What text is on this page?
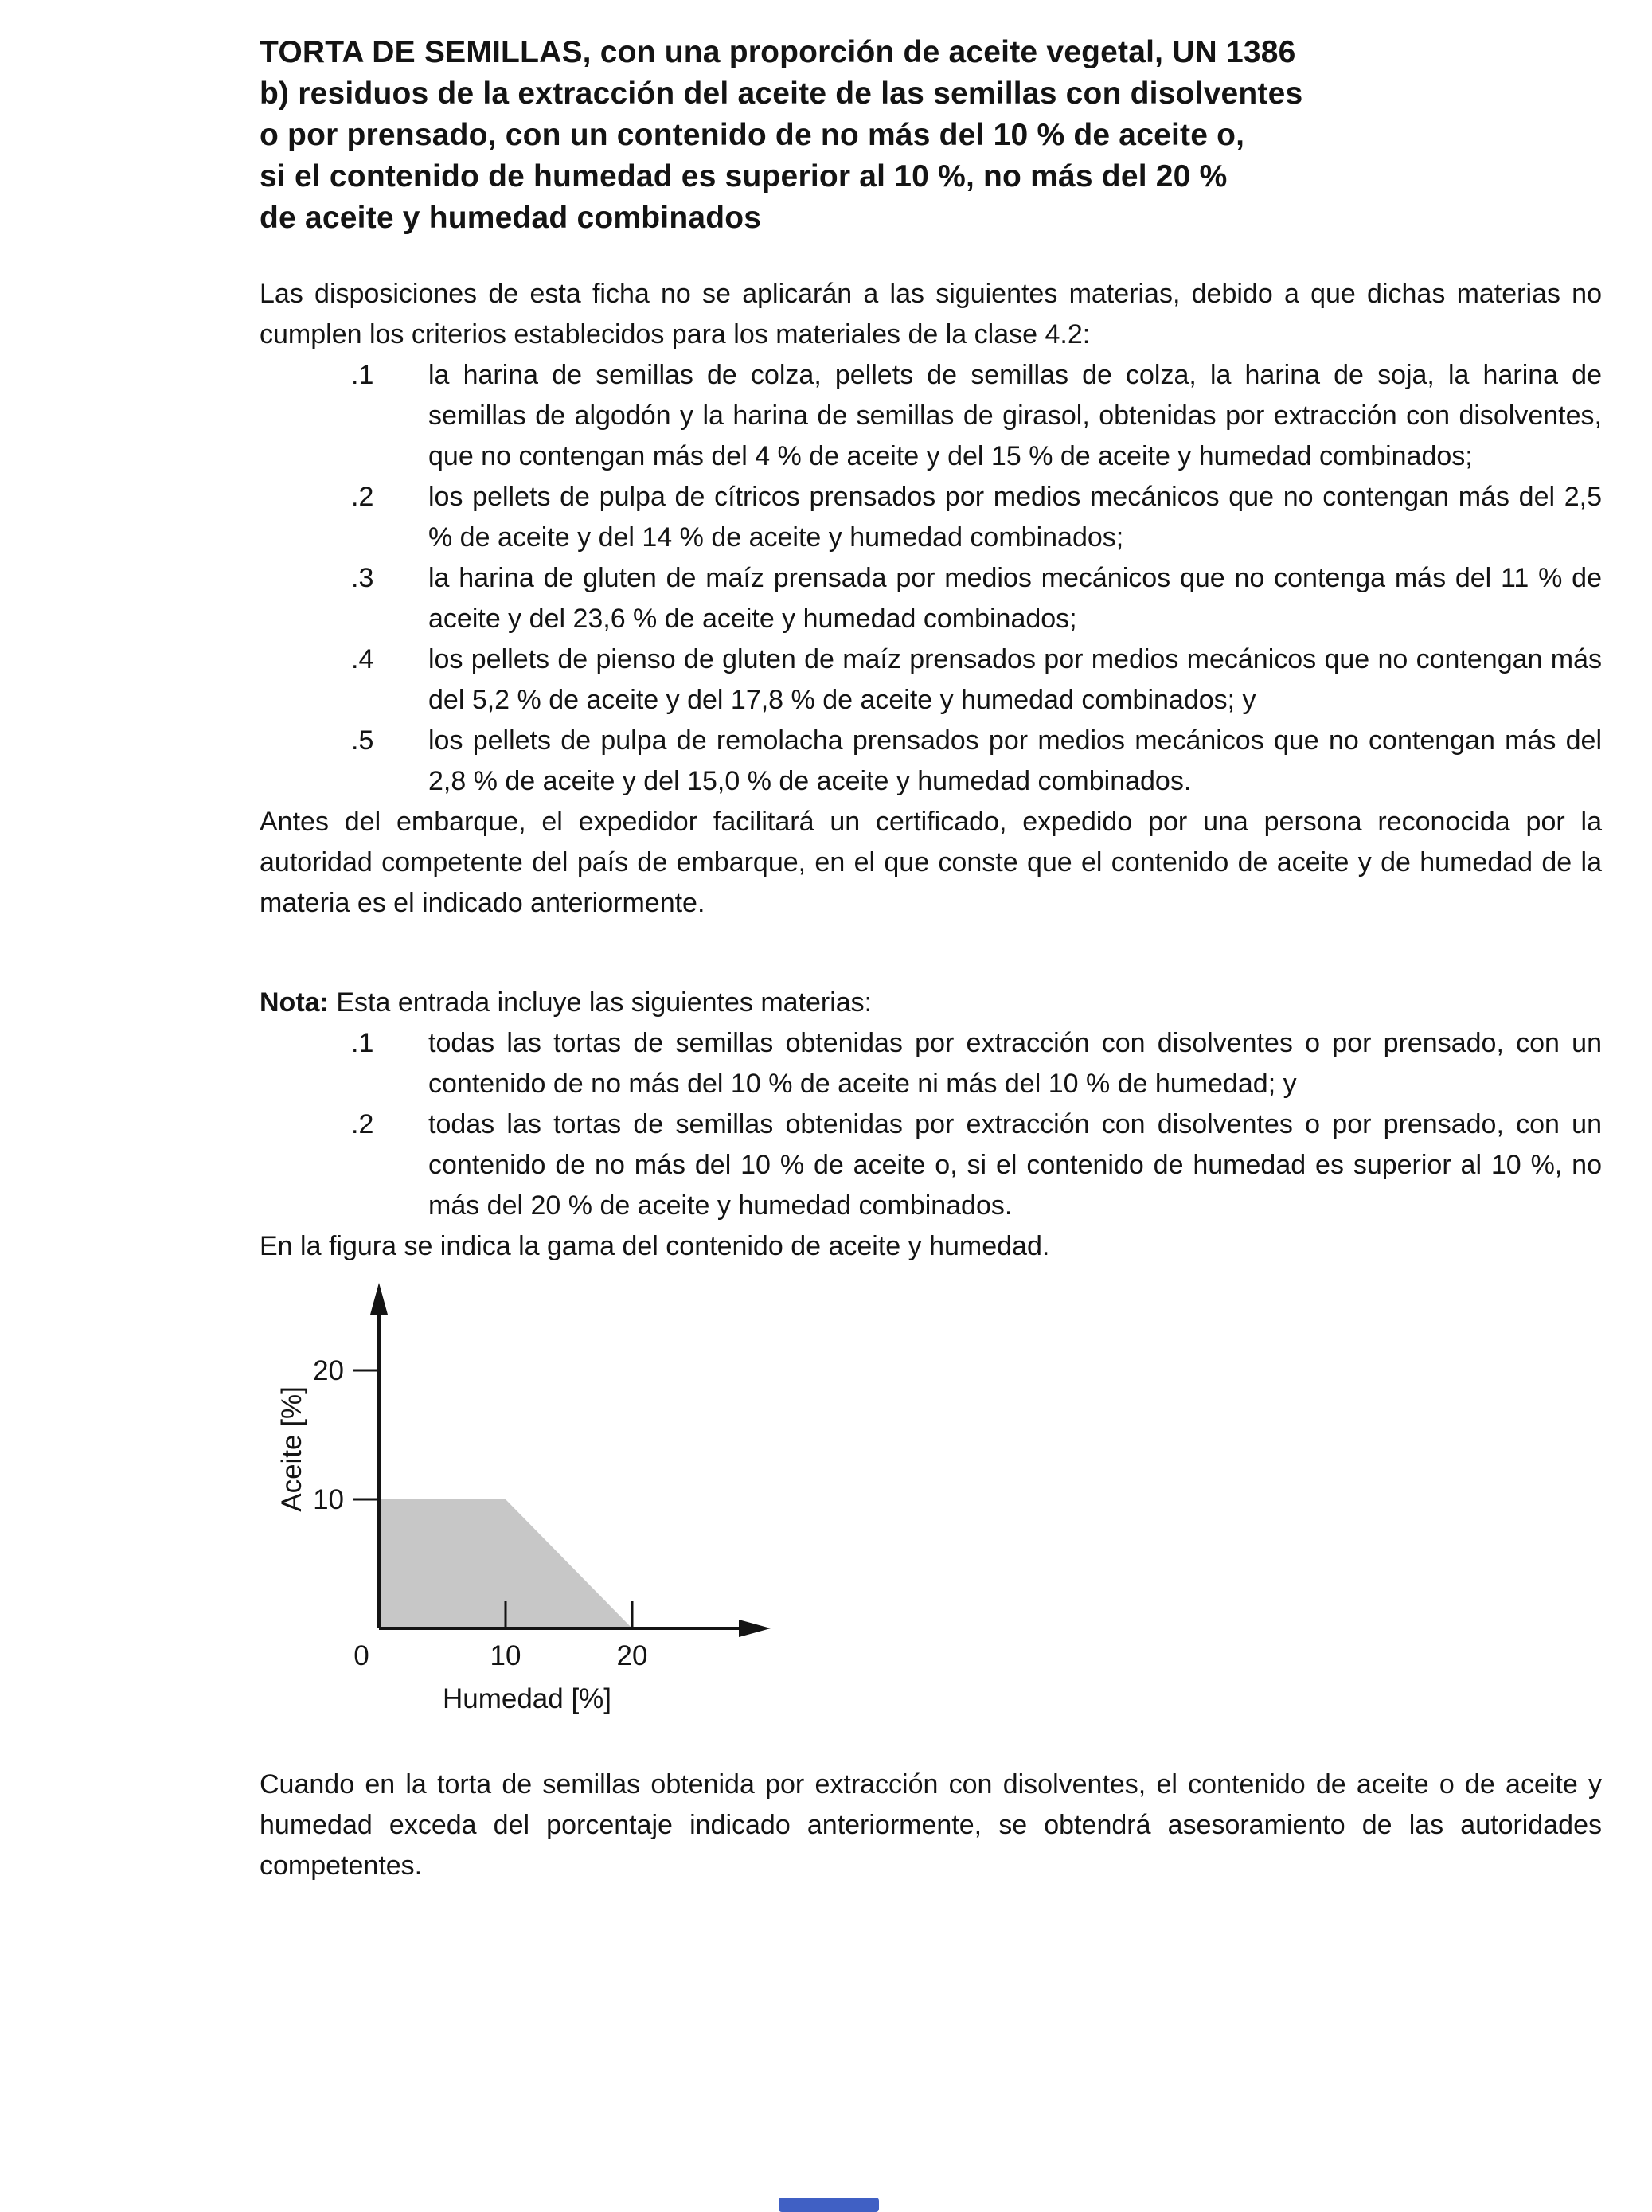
TORTA DE SEMILLAS, con una proporción de aceite vegetal, UN 1386
b) residuos de la extracción del aceite de las semillas con disolventes
o por prensado, con un contenido de no más del 10 % de aceite o,
si el contenido de humedad es superior al 10 %, no más del 20 %
de aceite y humedad combinados

Las disposiciones de esta ficha no se aplicarán a las siguientes materias, debido a que dichas materias no cumplen los criterios establecidos para los materiales de la clase 4.2:

.1 la harina de semillas de colza, pellets de semillas de colza, la harina de soja, la harina de semillas de algodón y la harina de semillas de girasol, obtenidas por extracción con disolventes, que no contengan más del 4 % de aceite y del 15 % de aceite y humedad combinados;
.2 los pellets de pulpa de cítricos prensados por medios mecánicos que no contengan más del 2,5 % de aceite y del 14 % de aceite y humedad combinados;
.3 la harina de gluten de maíz prensada por medios mecánicos que no contenga más del 11 % de aceite y del 23,6 % de aceite y humedad combinados;
.4 los pellets de pienso de gluten de maíz prensados por medios mecánicos que no contengan más del 5,2 % de aceite y del 17,8 % de aceite y humedad combinados; y
.5 los pellets de pulpa de remolacha prensados por medios mecánicos que no contengan más del 2,8 % de aceite y del 15,0 % de aceite y humedad combinados.

Antes del embarque, el expedidor facilitará un certificado, expedido por una persona reconocida por la autoridad competente del país de embarque, en el que conste que el contenido de aceite y de humedad de la materia es el indicado anteriormente.

Nota: Esta entrada incluye las siguientes materias:

.1 todas las tortas de semillas obtenidas por extracción con disolventes o por prensado, con un contenido de no más del 10 % de aceite ni más del 10 % de humedad; y
.2 todas las tortas de semillas obtenidas por extracción con disolventes o por prensado, con un contenido de no más del 10 % de aceite o, si el contenido de humedad es superior al 10 %, no más del 20 % de aceite y humedad combinados.

En la figura se indica la gama del contenido de aceite y humedad.

0	10	20
10
20
Humedad [%]
Aceite [%]

Cuando en la torta de semillas obtenida por extracción con disolventes, el contenido de aceite o de aceite y humedad exceda del porcentaje indicado anteriormente, se obtendrá asesoramiento de las autoridades competentes.
